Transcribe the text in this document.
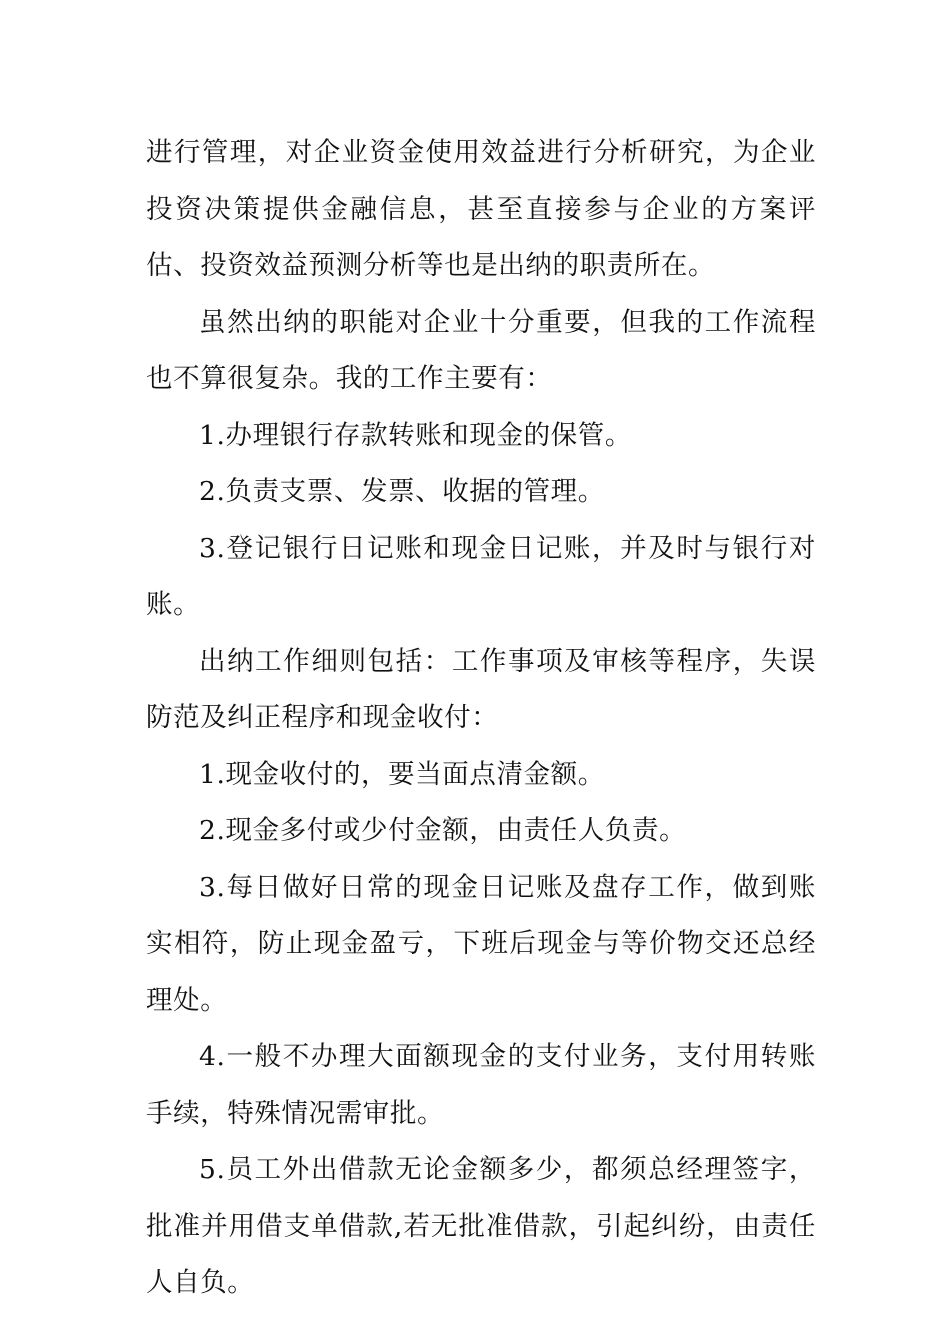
进行管理，对企业资金使用效益进行分析研究，为企业投资决策提供金融信息，甚至直接参与企业的方案评估、投资效益预测分析等也是出纳的职责所在。

虽然出纳的职能对企业十分重要，但我的工作流程也不算很复杂。我的工作主要有：

1.办理银行存款转账和现金的保管。

2.负责支票、发票、收据的管理。

3.登记银行日记账和现金日记账，并及时与银行对账。

出纳工作细则包括：工作事项及审核等程序，失误防范及纠正程序和现金收付：

1.现金收付的，要当面点清金额。

2.现金多付或少付金额，由责任人负责。

3.每日做好日常的现金日记账及盘存工作，做到账实相符，防止现金盈亏，下班后现金与等价物交还总经理处。

4.一般不办理大面额现金的支付业务，支付用转账手续，特殊情况需审批。

5.员工外出借款无论金额多少，都须总经理签字，批准并用借支单借款,若无批准借款，引起纠纷，由责任人自负。
